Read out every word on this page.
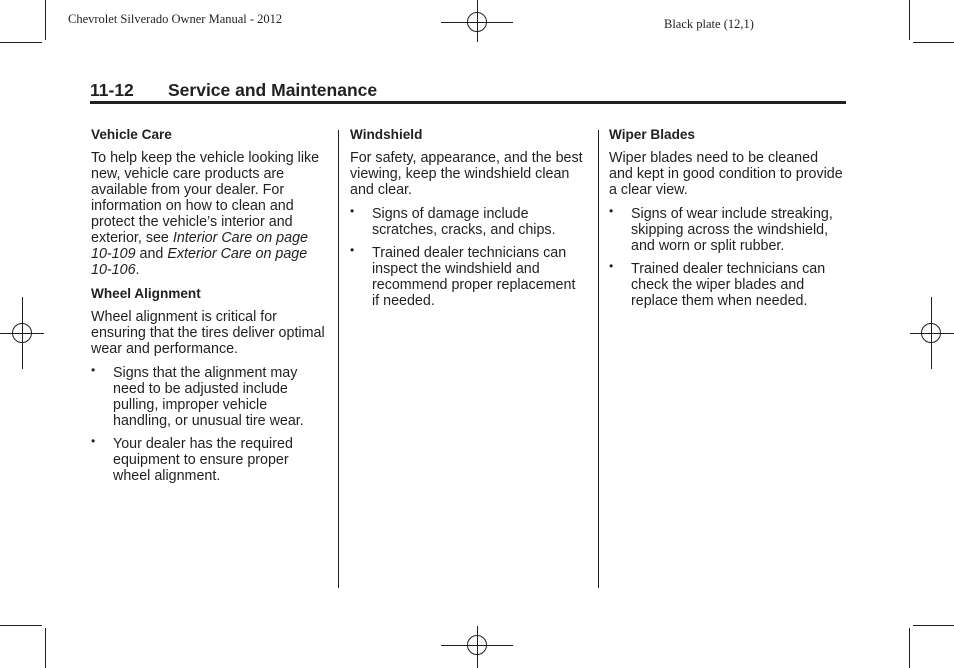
Chevrolet Silverado Owner Manual - 2012	Black plate (12,1)
11-12 Service and Maintenance
Vehicle Care

To help keep the vehicle looking like new, vehicle care products are available from your dealer. For information on how to clean and protect the vehicle’s interior and exterior, see Interior Care on page 10-109 and Exterior Care on page 10-106.

Wheel Alignment

Wheel alignment is critical for ensuring that the tires deliver optimal wear and performance.

• Signs that the alignment may need to be adjusted include pulling, improper vehicle handling, or unusual tire wear.
• Your dealer has the required equipment to ensure proper wheel alignment.
Windshield

For safety, appearance, and the best viewing, keep the windshield clean and clear.

• Signs of damage include scratches, cracks, and chips.
• Trained dealer technicians can inspect the windshield and recommend proper replacement if needed.
Wiper Blades

Wiper blades need to be cleaned and kept in good condition to provide a clear view.

• Signs of wear include streaking, skipping across the windshield, and worn or split rubber.
• Trained dealer technicians can check the wiper blades and replace them when needed.
